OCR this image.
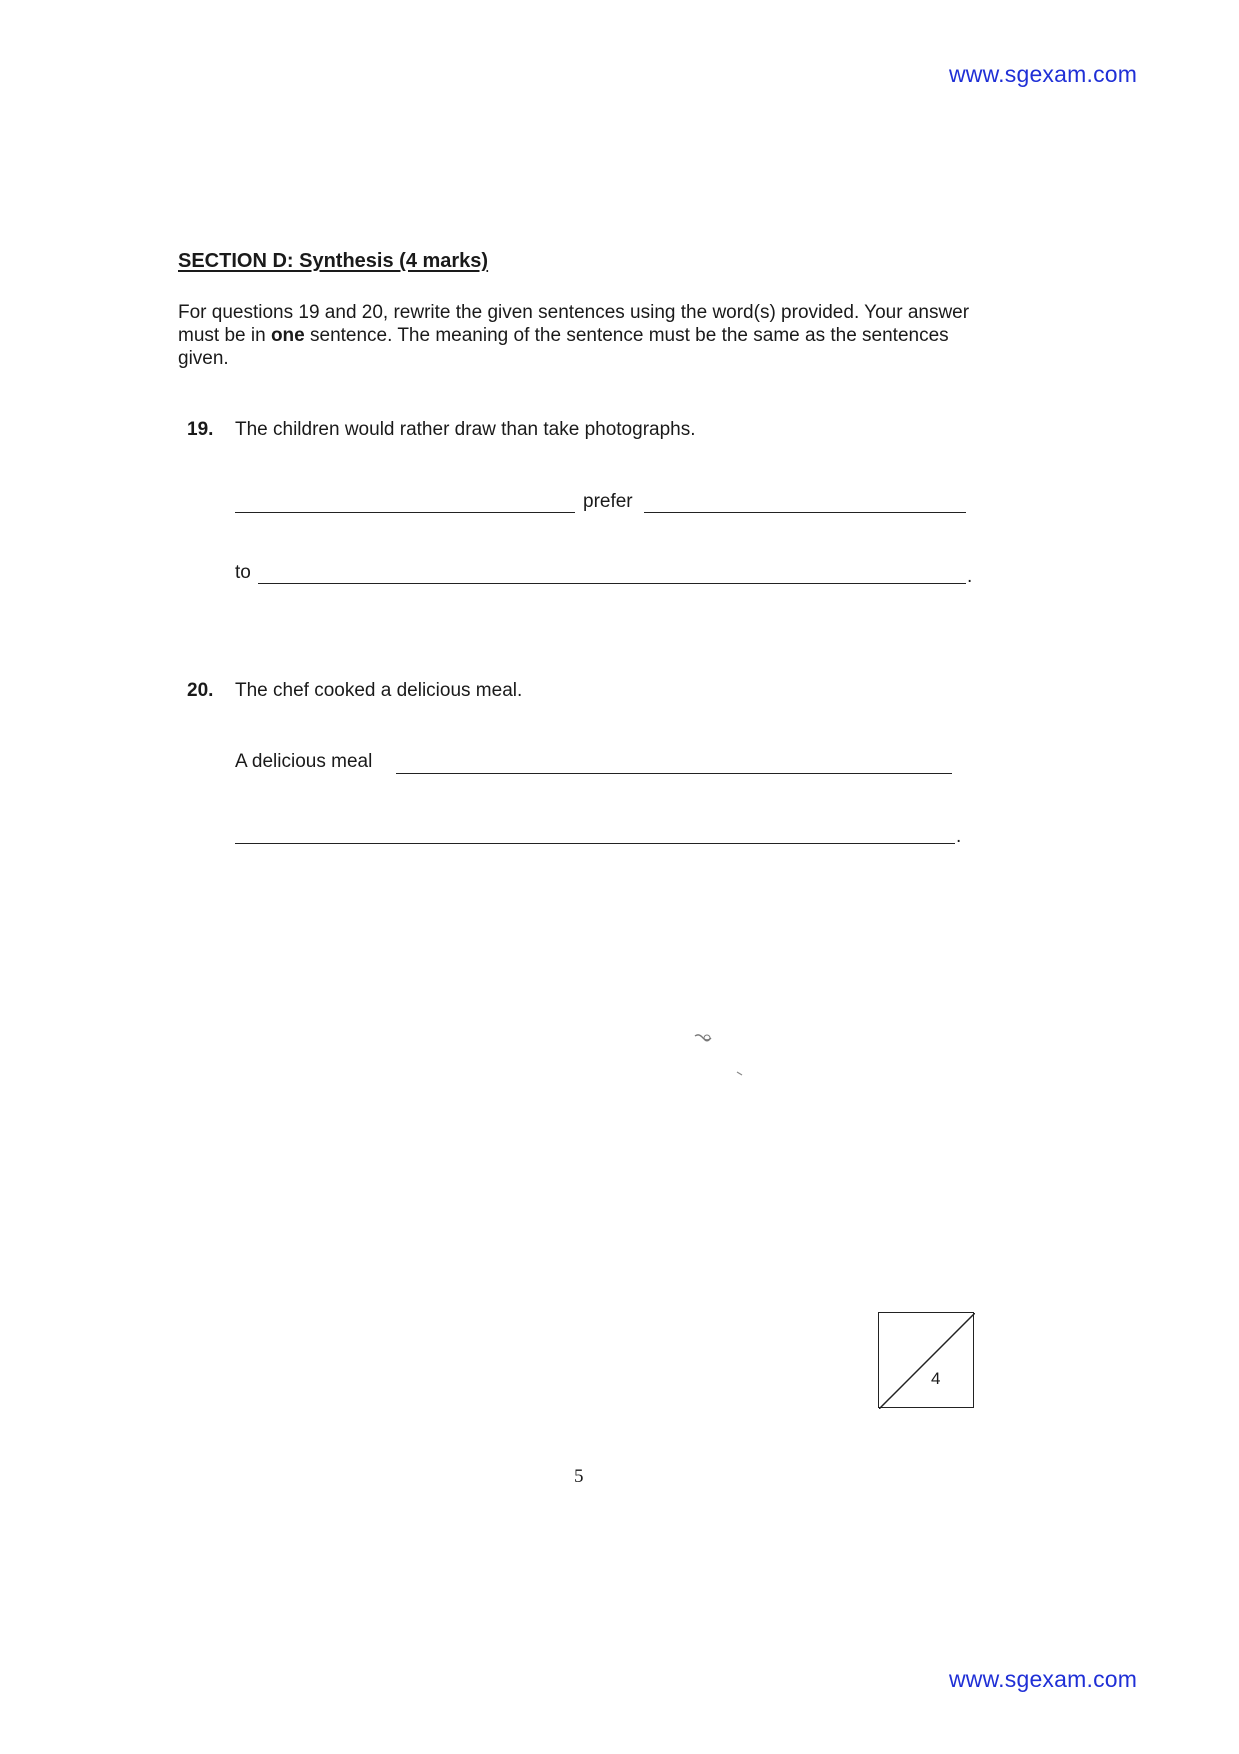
www.sgexam.com
SECTION D: Synthesis (4 marks)
For questions 19 and 20, rewrite the given sentences using the word(s) provided. Your answer must be in one sentence. The meaning of the sentence must be the same as the sentences given.
19. The children would rather draw than take photographs.
prefer
to	.
20. The chef cooked a delicious meal.
A delicious meal
.
4
5
www.sgexam.com
